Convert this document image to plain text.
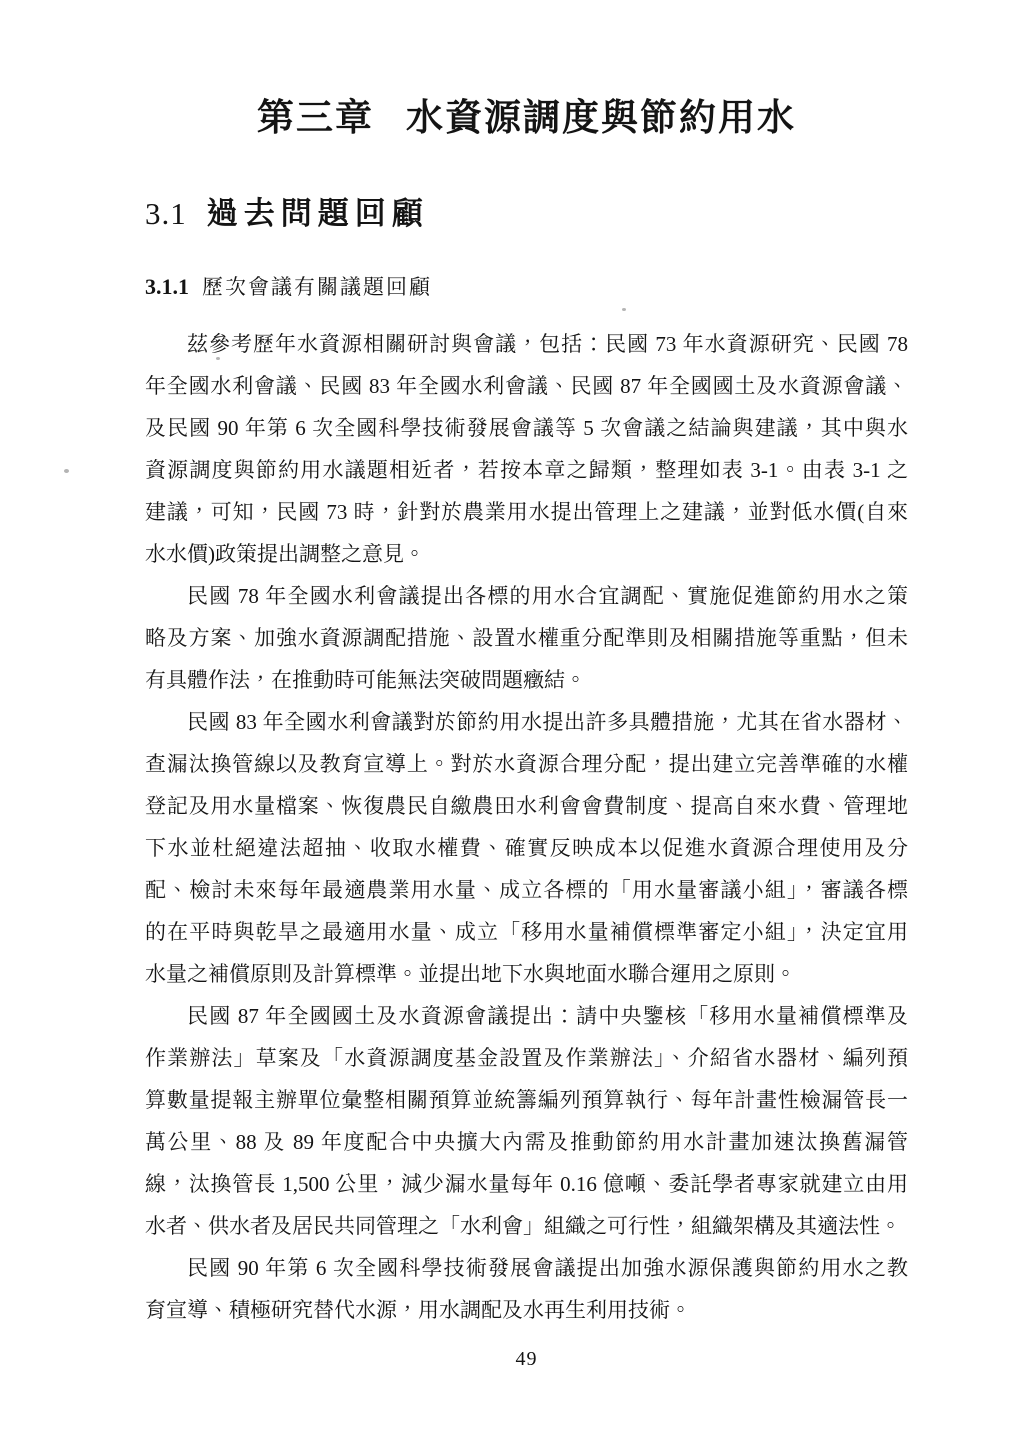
第三章 水資源調度與節約用水
3.1 過去問題回顧
3.1.1 歷次會議有關議題回顧
茲參考歷年水資源相關研討與會議，包括：民國 73 年水資源研究、民國 78
年全國水利會議、民國 83 年全國水利會議、民國 87 年全國國土及水資源會議、
及民國 90 年第 6 次全國科學技術發展會議等 5 次會議之結論與建議，其中與水
資源調度與節約用水議題相近者，若按本章之歸類，整理如表 3-1。由表 3-1 之
建議，可知，民國 73 時，針對於農業用水提出管理上之建議，並對低水價(自來
水水價)政策提出調整之意見。
民國 78 年全國水利會議提出各標的用水合宜調配、實施促進節約用水之策
略及方案、加強水資源調配措施、設置水權重分配準則及相關措施等重點，但未
有具體作法，在推動時可能無法突破問題癥結。
民國 83 年全國水利會議對於節約用水提出許多具體措施，尤其在省水器材、
查漏汰換管線以及教育宣導上。對於水資源合理分配，提出建立完善準確的水權
登記及用水量檔案、恢復農民自繳農田水利會會費制度、提高自來水費、管理地
下水並杜絕違法超抽、收取水權費、確實反映成本以促進水資源合理使用及分
配、檢討未來每年最適農業用水量、成立各標的「用水量審議小組」，審議各標
的在平時與乾旱之最適用水量、成立「移用水量補償標準審定小組」，決定宜用
水量之補償原則及計算標準。並提出地下水與地面水聯合運用之原則。
民國 87 年全國國土及水資源會議提出：請中央鑒核「移用水量補償標準及
作業辦法」草案及「水資源調度基金設置及作業辦法」、介紹省水器材、編列預
算數量提報主辦單位彙整相關預算並統籌編列預算執行、每年計畫性檢漏管長一
萬公里、88 及 89 年度配合中央擴大內需及推動節約用水計畫加速汰換舊漏管
線，汰換管長 1,500 公里，減少漏水量每年 0.16 億噸、委託學者專家就建立由用
水者、供水者及居民共同管理之「水利會」組織之可行性，組織架構及其適法性。
民國 90 年第 6 次全國科學技術發展會議提出加強水源保護與節約用水之教
育宣導、積極研究替代水源，用水調配及水再生利用技術。
49
